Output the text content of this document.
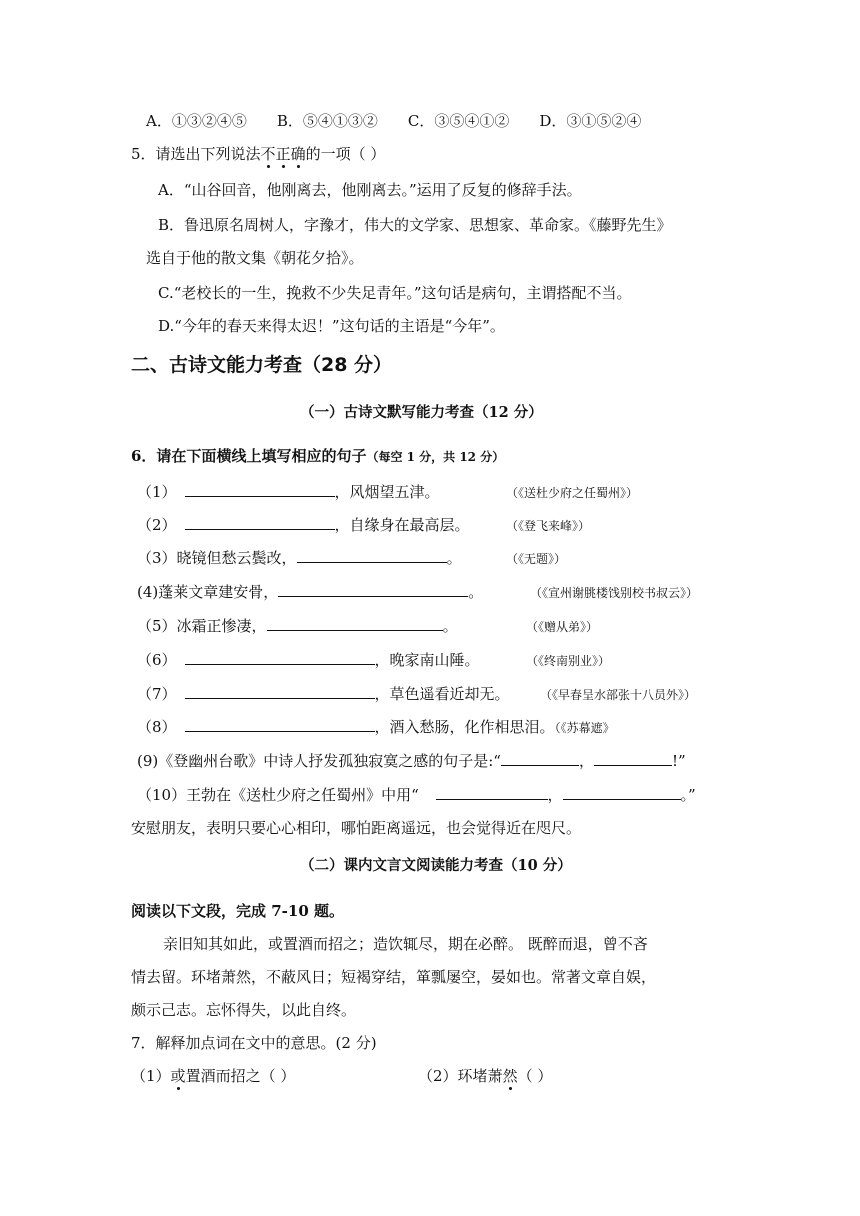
A．①③②④⑤ B．⑤④①③② C．③⑤④①② D．③①⑤②④
5．请选出下列说法不正确的一项（ ）
A．“山谷回音，他刚离去，他刚离去。”运用了反复的修辞手法。
B．鲁迅原名周树人，字豫才，伟大的文学家、思想家、革命家。《藤野先生》
选自于他的散文集《朝花夕拾》。
C.“老校长的一生，挽救不少失足青年。”这句话是病句，主谓搭配不当。
D.“今年的春天来得太迟！”这句话的主语是“今年”。
二、古诗文能力考查（28 分）
（一）古诗文默写能力考查（12 分）
6．请在下面横线上填写相应的句子（每空 1 分，共 12 分）
（1）	，风烟望五津。	（《送杜少府之任蜀州》）
（2）	，自缘身在最高层。	（《登飞来峰》）
（3）晓镜但愁云鬓改，	。	（《无题》）
(4)蓬莱文章建安骨，	。	（《宣州谢朓楼饯别校书叔云》）
（5）冰霜正惨凄，	。	（《赠从弟》）
（6）	，晚家南山陲。	（《终南别业》）
（7）	，草色遥看近却无。	（《早春呈水部张十八员外》）
（8）	，酒入愁肠，化作相思泪。（《苏幕遮》
(9)《登幽州台歌》中诗人抒发孤独寂寞之感的句子是:“	，	!”
（10）王勃在《送杜少府之任蜀州》中用“	，	。”
安慰朋友，表明只要心心相印，哪怕距离遥远，也会觉得近在咫尺。
（二）课内文言文阅读能力考查（10 分）
阅读以下文段，完成 7-10 题。
亲旧知其如此，或置酒而招之；造饮辄尽，期在必醉。 既醉而退，曾不吝
情去留。环堵萧然，不蔽风日；短褐穿结，箪瓢屡空，晏如也。常著文章自娱，
颇示己志。忘怀得失，以此自终。
7．解释加点词在文中的意思。(2 分)
（1）或置酒而招之（ ）	（2）环堵萧然（ ）
